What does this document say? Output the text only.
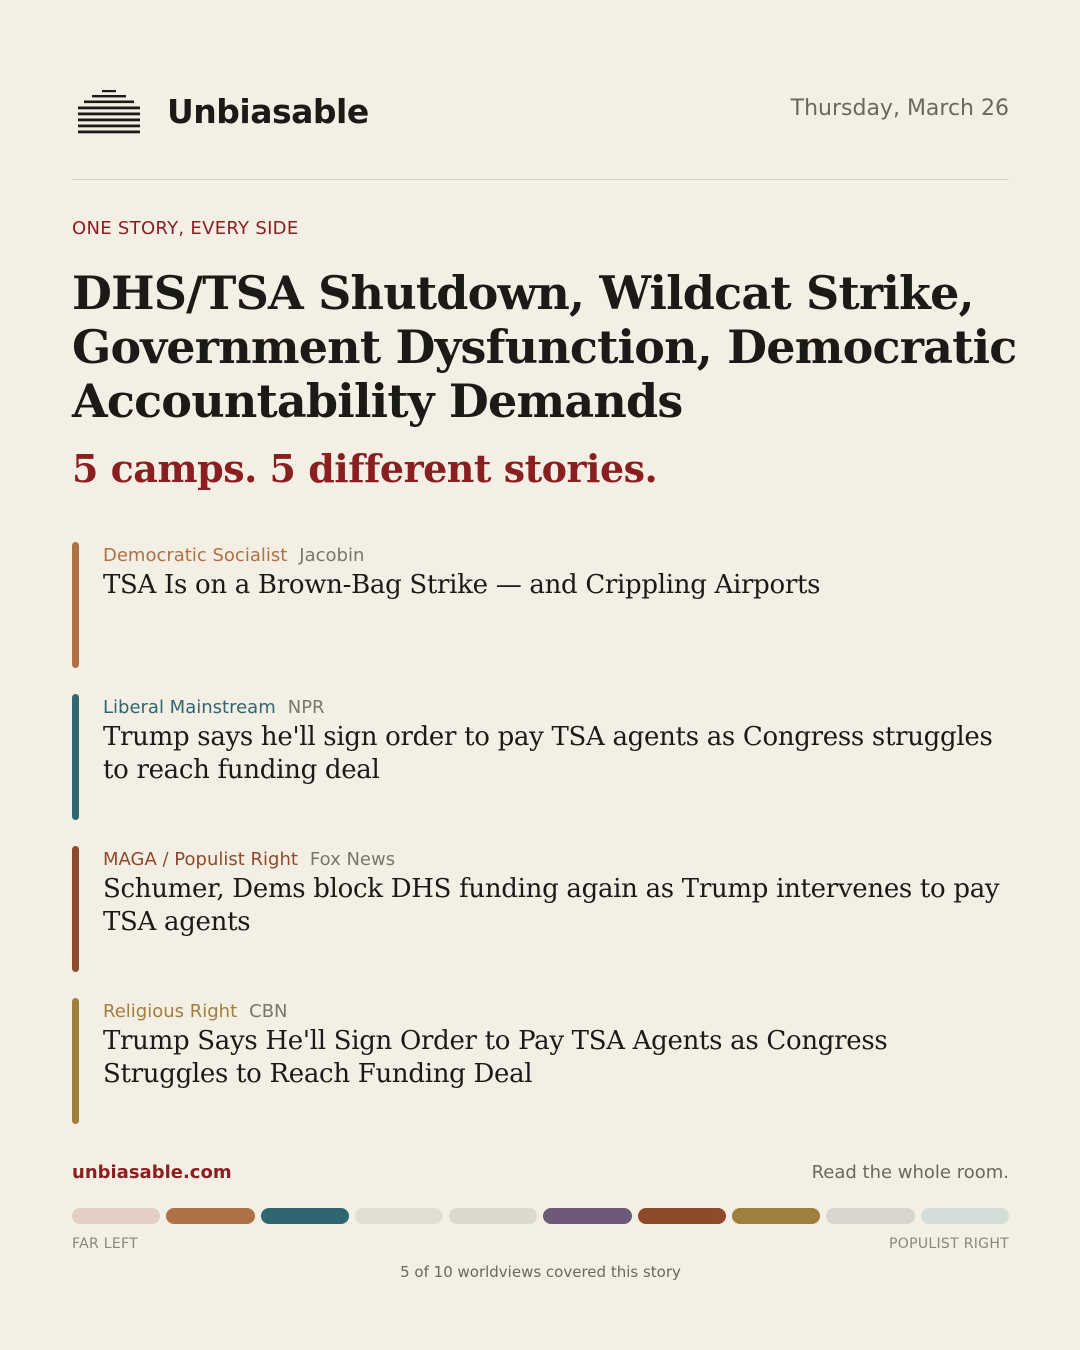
Unbiasable	Thursday, March 26
ONE STORY, EVERY SIDE
DHS/TSA Shutdown, Wildcat Strike, Government Dysfunction, Democratic Accountability Demands
5 camps. 5 different stories.
Democratic Socialist Jacobin

TSA Is on a Brown-Bag Strike — and Crippling Airports

Liberal Mainstream NPR

Trump says he'll sign order to pay TSA agents as Congress struggles to reach funding deal

MAGA / Populist Right Fox News

Schumer, Dems block DHS funding again as Trump intervenes to pay TSA agents

Religious Right CBN

Trump Says He'll Sign Order to Pay TSA Agents as Congress Struggles to Reach Funding Deal

unbiasable.com	Read the whole room.
FAR LEFT	POPULIST RIGHT
5 of 10 worldviews covered this story
